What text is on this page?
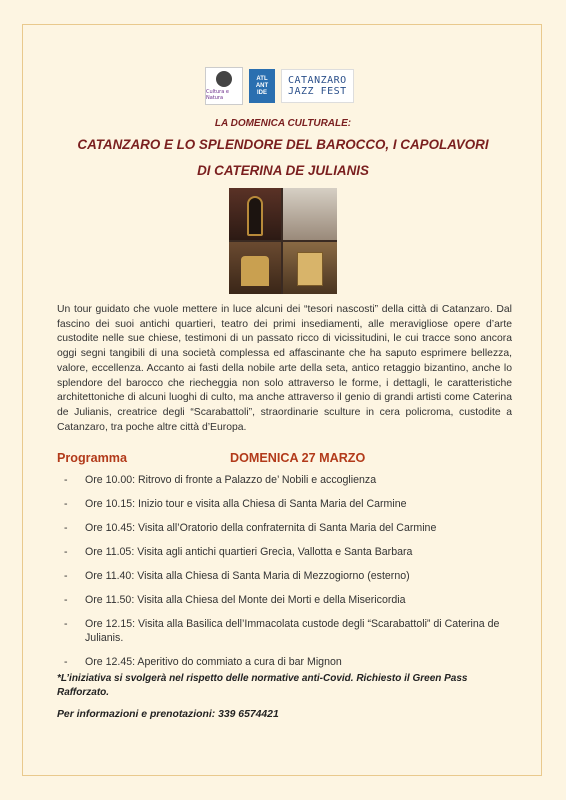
Cultura e Natura
ATL
ANT
IDE
CATANZARO
JAZZ FEST
LA DOMENICA CULTURALE:
CATANZARO E LO SPLENDORE DEL BAROCCO, I CAPOLAVORI
DI CATERINA DE JULIANIS
Un tour guidato che vuole mettere in luce alcuni dei “tesori nascosti” della città di Catanzaro. Dal fascino dei suoi antichi quartieri, teatro dei primi insediamenti, alle meravigliose opere d’arte custodite nelle sue chiese, testimoni di un passato ricco di vicissitudini, le cui tracce sono ancora oggi segni tangibili di una società complessa ed affascinante che ha saputo esprimere bellezza, valore, eccellenza. Accanto ai fasti della nobile arte della seta, antico retaggio bizantino, anche lo splendore del barocco che riecheggia non solo attraverso le forme, i dettagli, le caratteristiche architettoniche di alcuni luoghi di culto, ma anche attraverso il genio di grandi artisti come Caterina de Julianis, creatrice degli “Scarabattoli”, straordinarie sculture in cera policroma, custodite a Catanzaro, tra poche altre città d’Europa.
Programma	DOMENICA 27 MARZO
- Ore 10.00: Ritrovo di fronte a Palazzo de’ Nobili e accoglienza
- Ore 10.15: Inizio tour e visita alla Chiesa di Santa Maria del Carmine
- Ore 10.45: Visita all’Oratorio della confraternita di Santa Maria del Carmine
- Ore 11.05: Visita agli antichi quartieri Grecìa, Vallotta e Santa Barbara
- Ore 11.40: Visita alla Chiesa di Santa Maria di Mezzogiorno (esterno)
- Ore 11.50: Visita alla Chiesa del Monte dei Morti e della Misericordia
- Ore 12.15: Visita alla Basilica dell’Immacolata custode degli “Scarabattoli” di Caterina de Julianis.
- Ore 12.45: Aperitivo do commiato a cura di bar Mignon
*L’iniziativa si svolgerà nel rispetto delle normative anti-Covid. Richiesto il Green Pass Rafforzato.
Per informazioni e prenotazioni: 339 6574421
